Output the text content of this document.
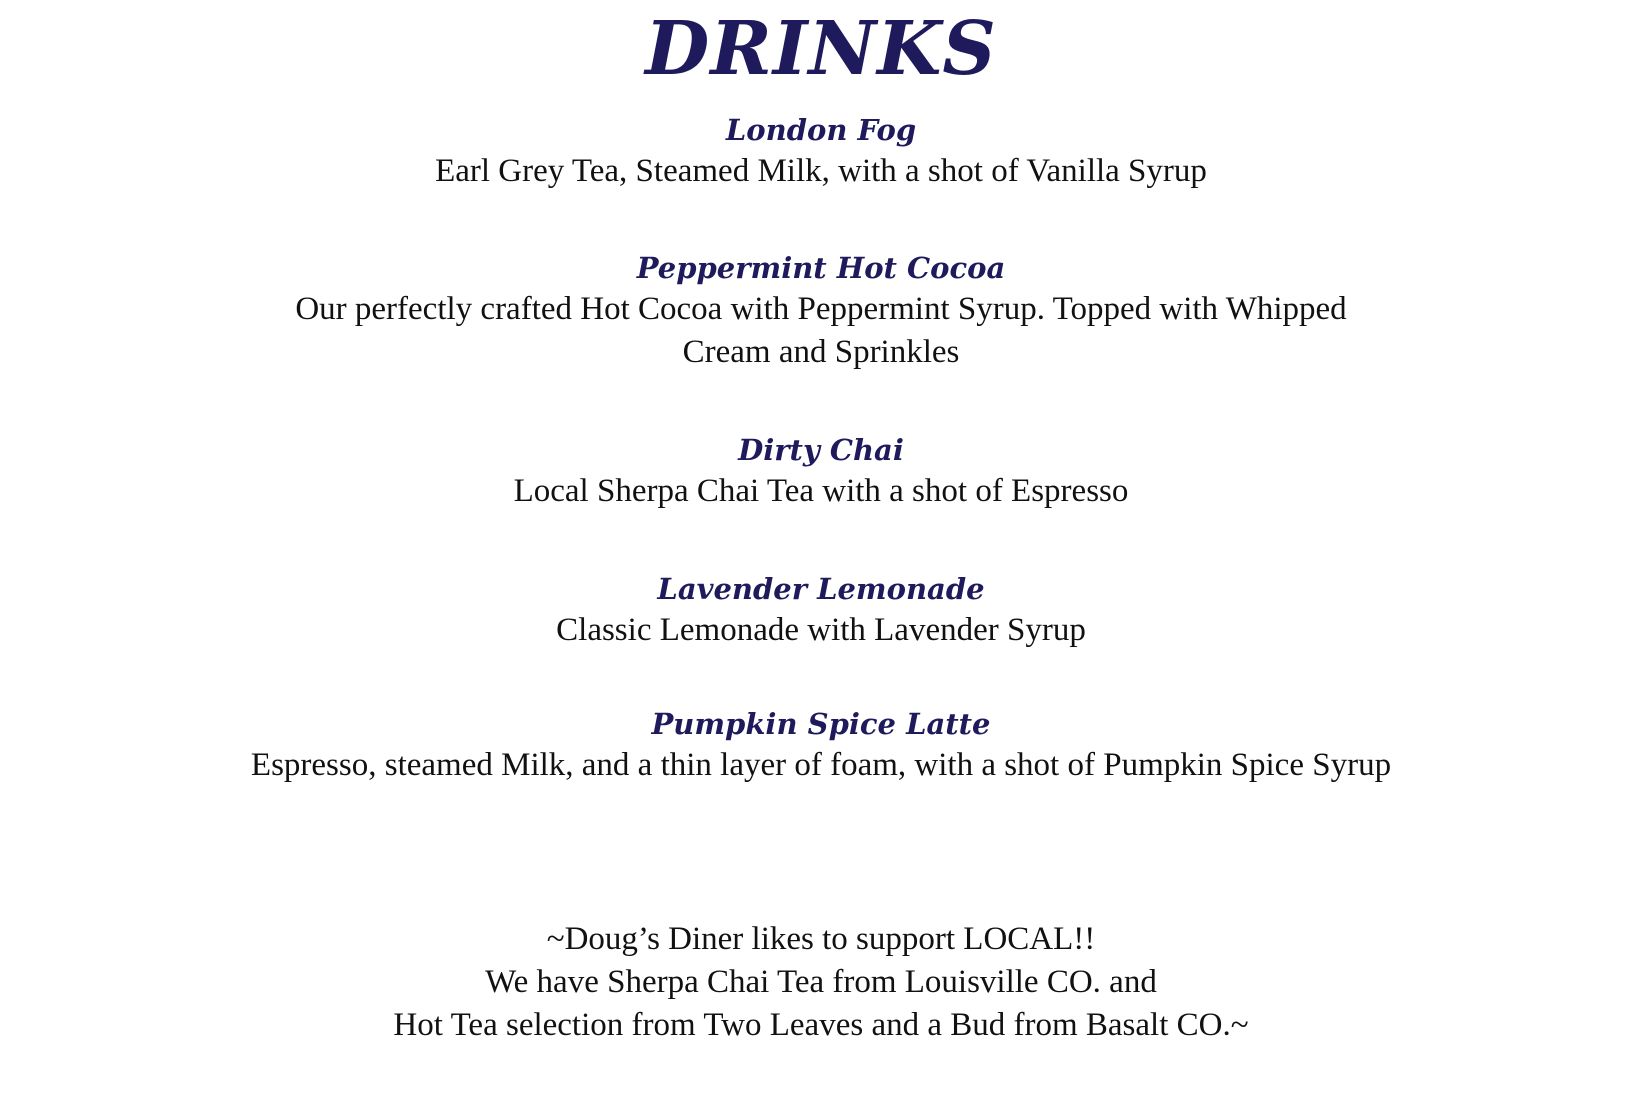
DRINKS

London Fog

Earl Grey Tea, Steamed Milk, with a shot of Vanilla Syrup

Peppermint Hot Cocoa

Our perfectly crafted Hot Cocoa with Peppermint Syrup. Topped with Whipped
Cream and Sprinkles

Dirty Chai

Local Sherpa Chai Tea with a shot of Espresso

Lavender Lemonade

Classic Lemonade with Lavender Syrup

Pumpkin Spice Latte

Espresso, steamed Milk, and a thin layer of foam, with a shot of Pumpkin Spice Syrup

~Doug’s Diner likes to support LOCAL!!

We have Sherpa Chai Tea from Louisville CO. and

Hot Tea selection from Two Leaves and a Bud from Basalt CO.~
